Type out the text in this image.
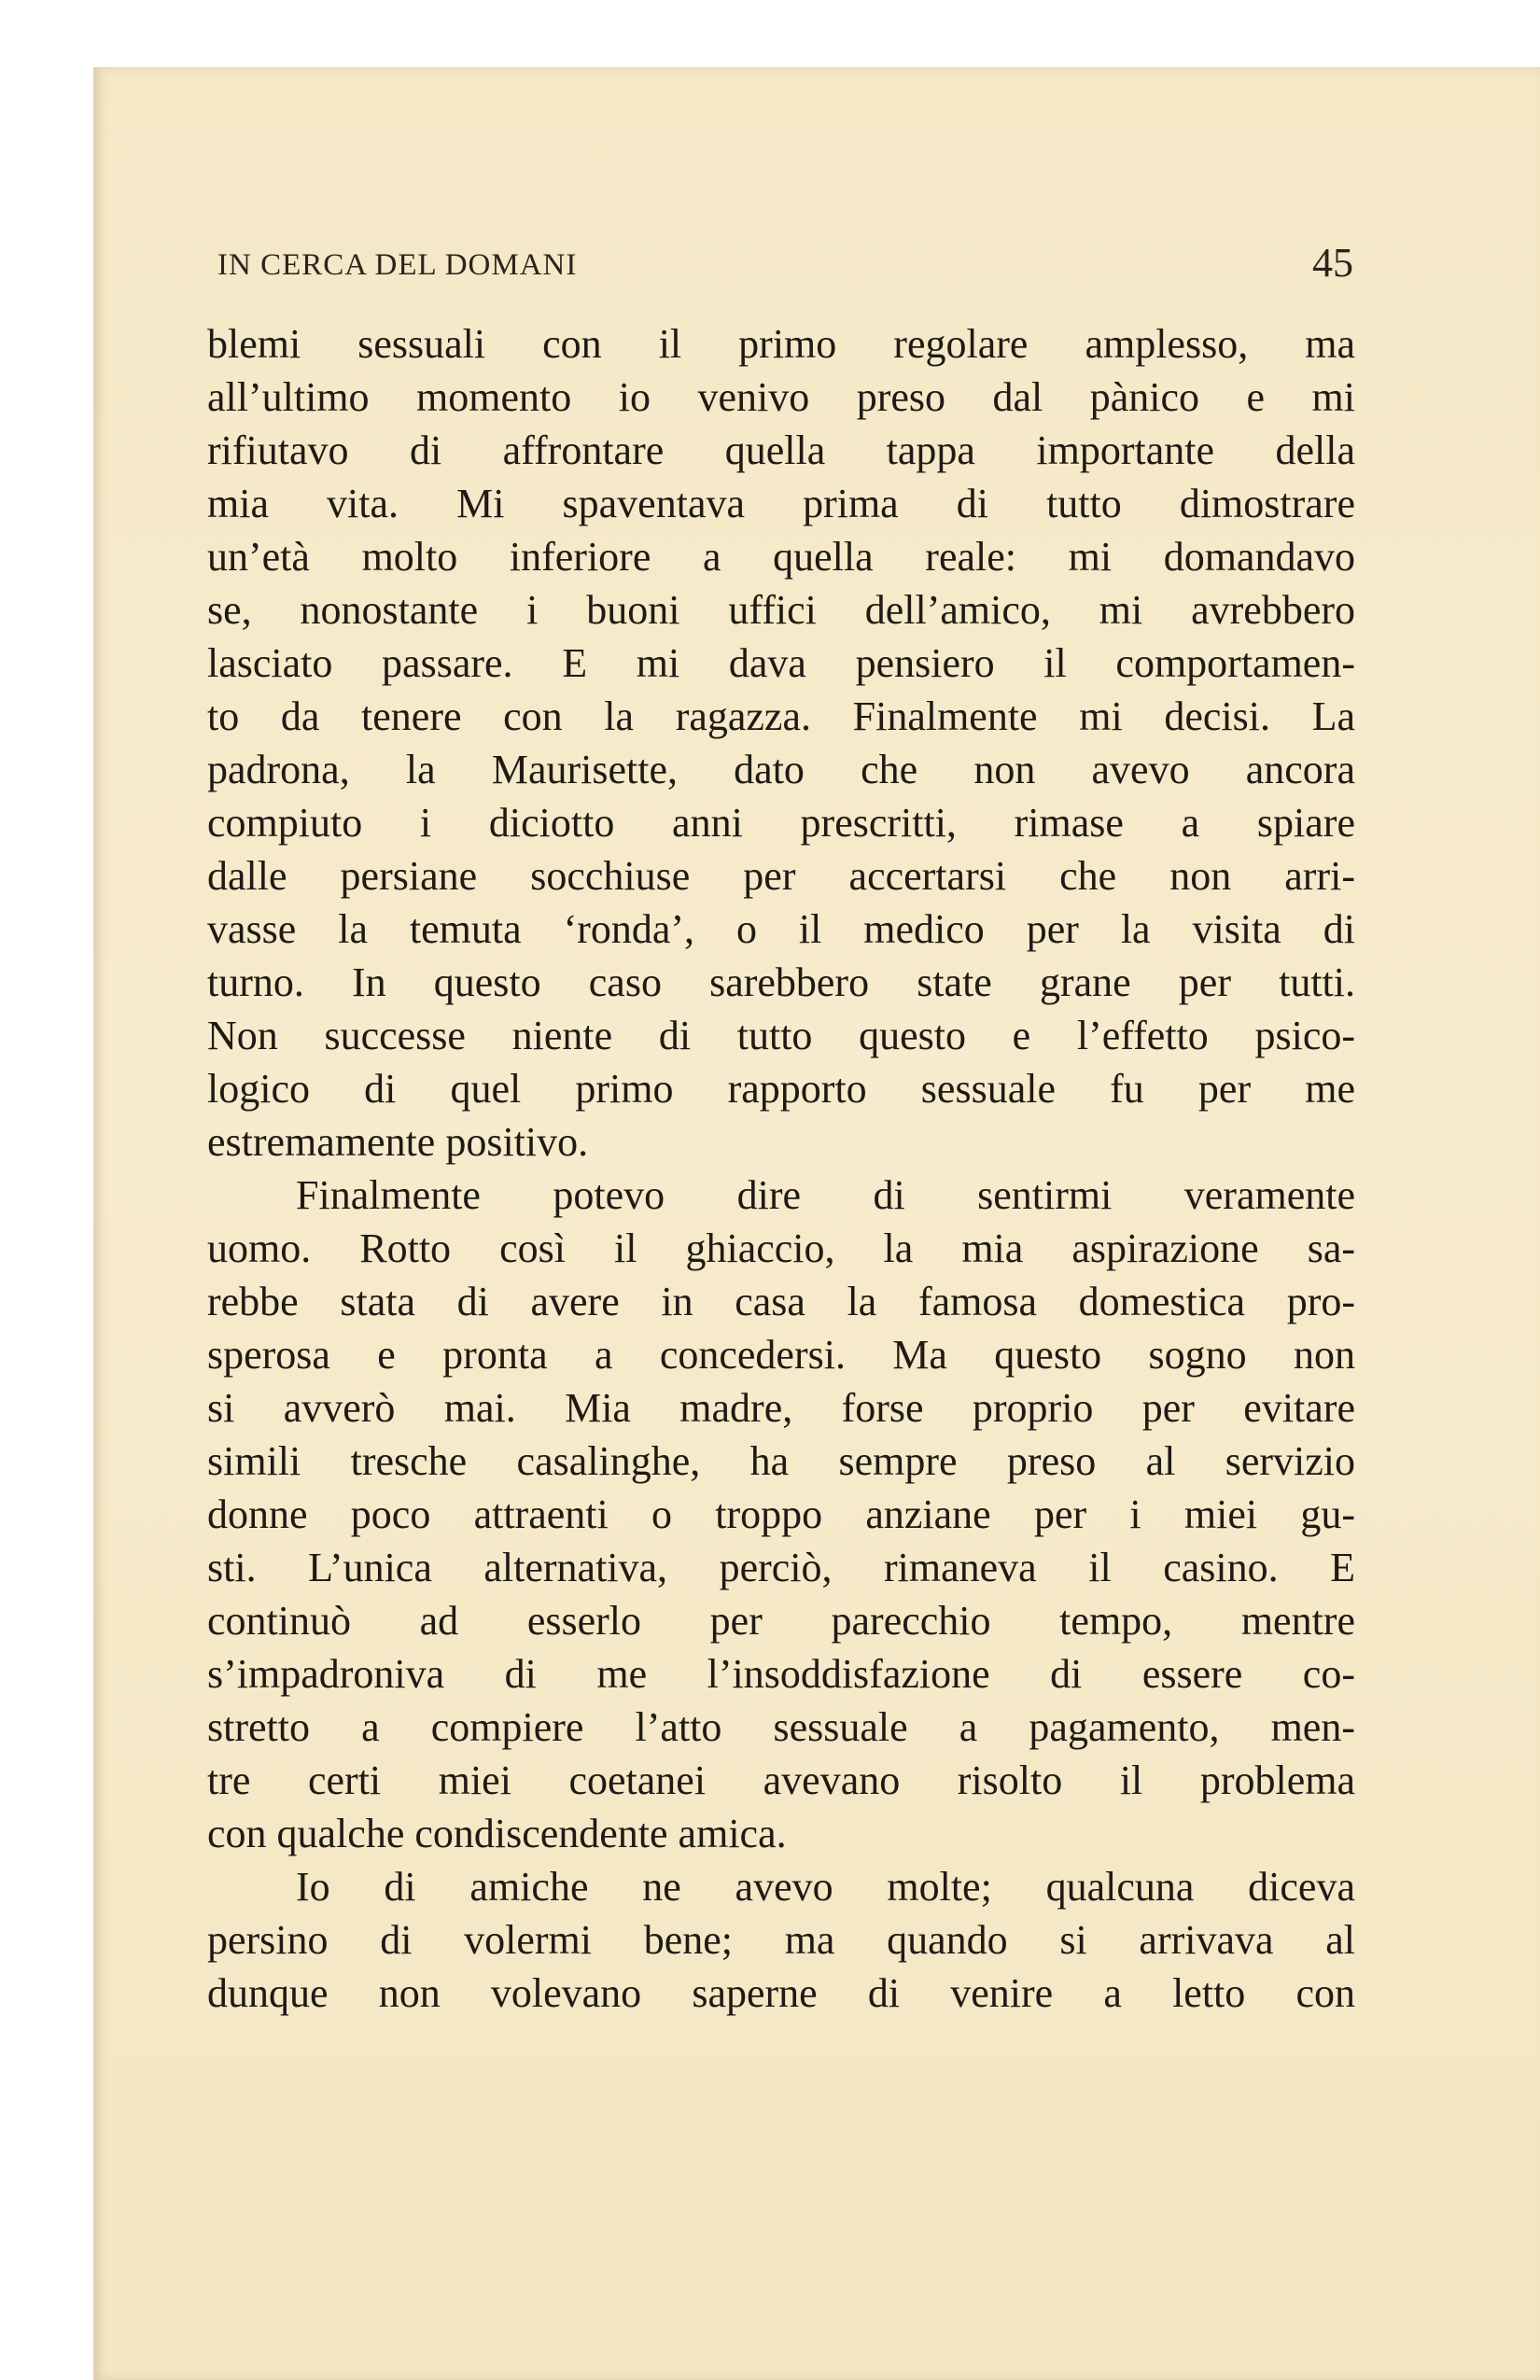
IN CERCA DEL DOMANI	45
blemi sessuali con il primo regolare amplesso, ma
all’ultimo momento io venivo preso dal pànico e mi
rifiutavo di affrontare quella tappa importante della
mia vita. Mi spaventava prima di tutto dimostrare
un’età molto inferiore a quella reale: mi domandavo
se, nonostante i buoni uffici dell’amico, mi avrebbero
lasciato passare. E mi dava pensiero il comportamen-
to da tenere con la ragazza. Finalmente mi decisi. La
padrona, la Maurisette, dato che non avevo ancora
compiuto i diciotto anni prescritti, rimase a spiare
dalle persiane socchiuse per accertarsi che non arri-
vasse la temuta ‘ronda’, o il medico per la visita di
turno. In questo caso sarebbero state grane per tutti.
Non successe niente di tutto questo e l’effetto psico-
logico di quel primo rapporto sessuale fu per me
estremamente positivo.
Finalmente potevo dire di sentirmi veramente
uomo. Rotto così il ghiaccio, la mia aspirazione sa-
rebbe stata di avere in casa la famosa domestica pro-
sperosa e pronta a concedersi. Ma questo sogno non
si avverò mai. Mia madre, forse proprio per evitare
simili tresche casalinghe, ha sempre preso al servizio
donne poco attraenti o troppo anziane per i miei gu-
sti. L’unica alternativa, perciò, rimaneva il casino. E
continuò ad esserlo per parecchio tempo, mentre
s’impadroniva di me l’insoddisfazione di essere co-
stretto a compiere l’atto sessuale a pagamento, men-
tre certi miei coetanei avevano risolto il problema
con qualche condiscendente amica.
Io di amiche ne avevo molte; qualcuna diceva
persino di volermi bene; ma quando si arrivava al
dunque non volevano saperne di venire a letto con
